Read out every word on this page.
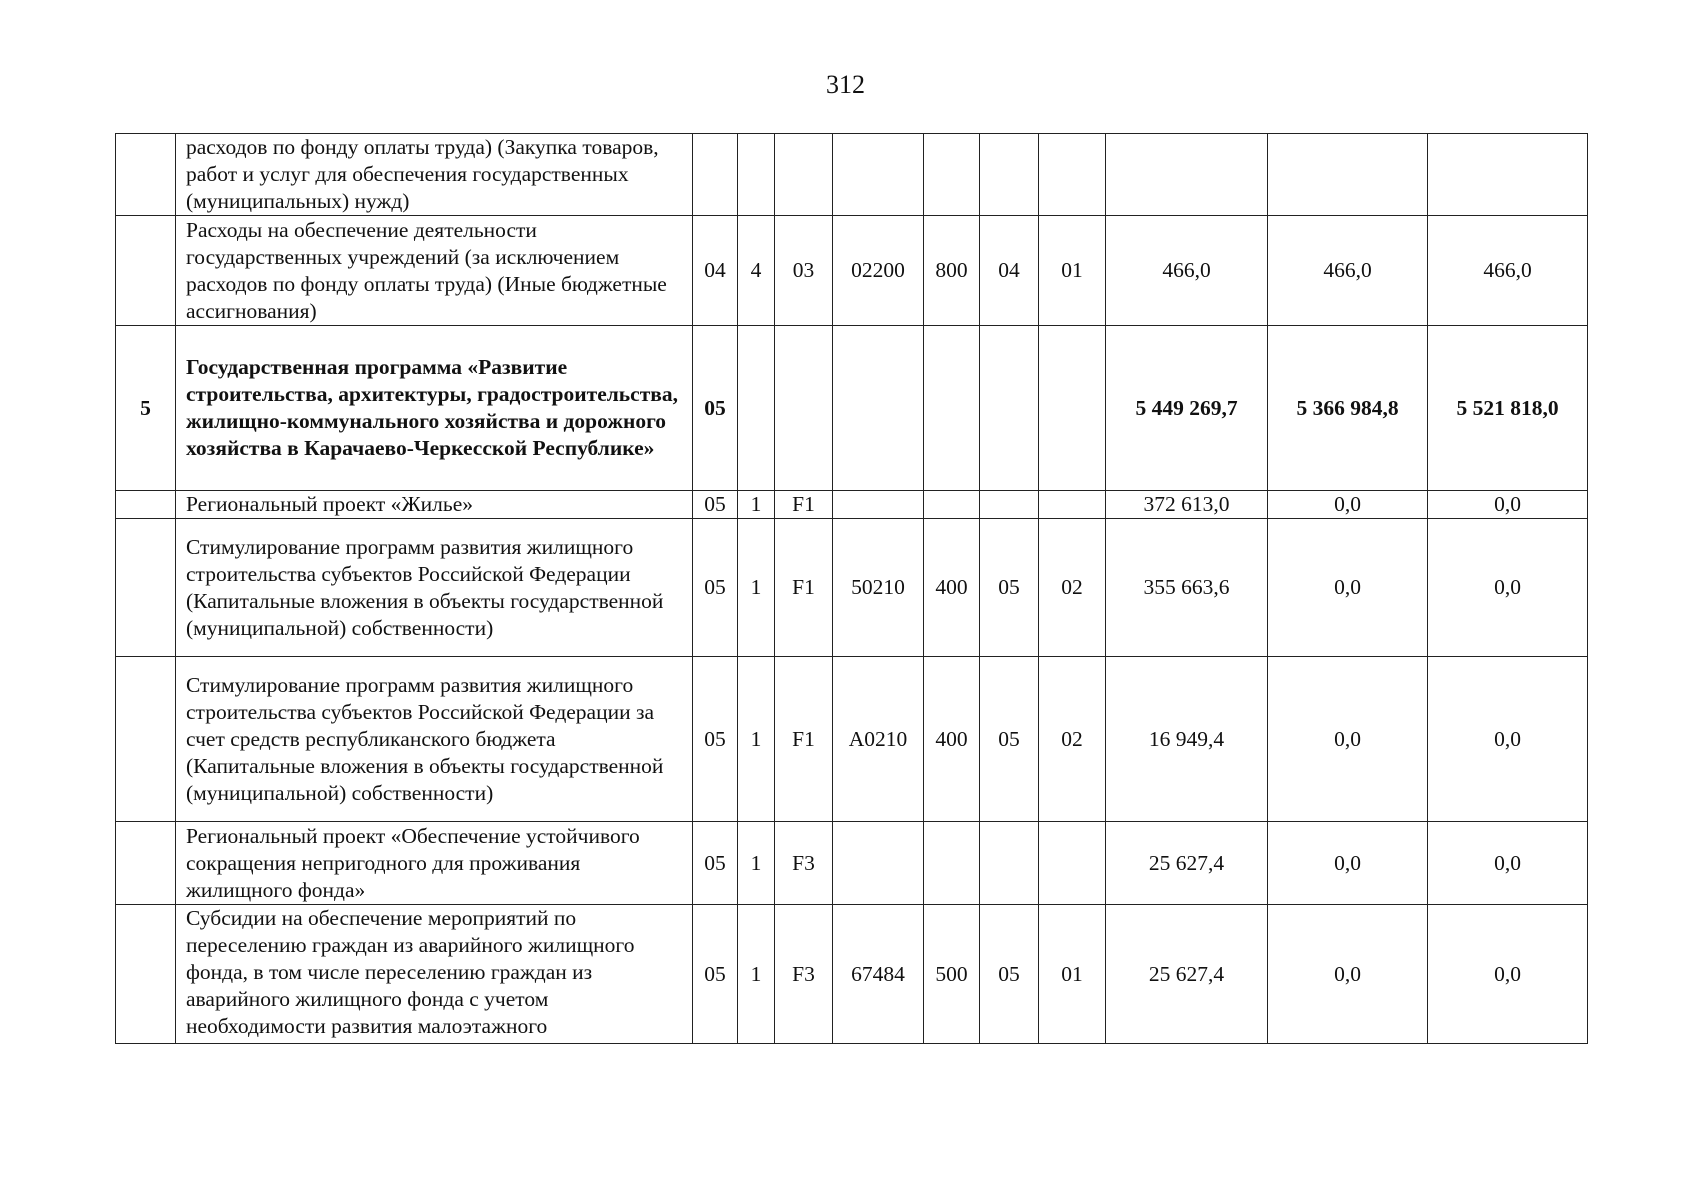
312
	расходов по фонду оплаты труда) (Закупка товаров, работ и услуг для обеспечения государственных (муниципальных) нужд)										
	Расходы на обеспечение деятельности государственных учреждений (за исключением расходов по фонду оплаты труда) (Иные бюджетные ассигнования)	04	4	03	02200	800	04	01	466,0	466,0	466,0
5	Государственная программа «Развитие строительства, архитектуры, градостроительства, жилищно-коммунального хозяйства и дорожного хозяйства в Карачаево-Черкесской Республике»	05							5 449 269,7	5 366 984,8	5 521 818,0
	Региональный проект «Жилье»	05	1	F1					372 613,0	0,0	0,0
	Стимулирование программ развития жилищного строительства субъектов Российской Федерации (Капитальные вложения в объекты государственной (муниципальной) собственности)	05	1	F1	50210	400	05	02	355 663,6	0,0	0,0
	Стимулирование программ развития жилищного строительства субъектов Российской Федерации за счет средств республиканского бюджета (Капитальные вложения в объекты государственной (муниципальной) собственности)	05	1	F1	A0210	400	05	02	16 949,4	0,0	0,0
	Региональный проект «Обеспечение устойчивого сокращения непригодного для проживания жилищного фонда»	05	1	F3					25 627,4	0,0	0,0
	Субсидии на обеспечение мероприятий по переселению граждан из аварийного жилищного фонда, в том числе переселению граждан из аварийного жилищного фонда с учетом необходимости развития малоэтажного	05	1	F3	67484	500	05	01	25 627,4	0,0	0,0
